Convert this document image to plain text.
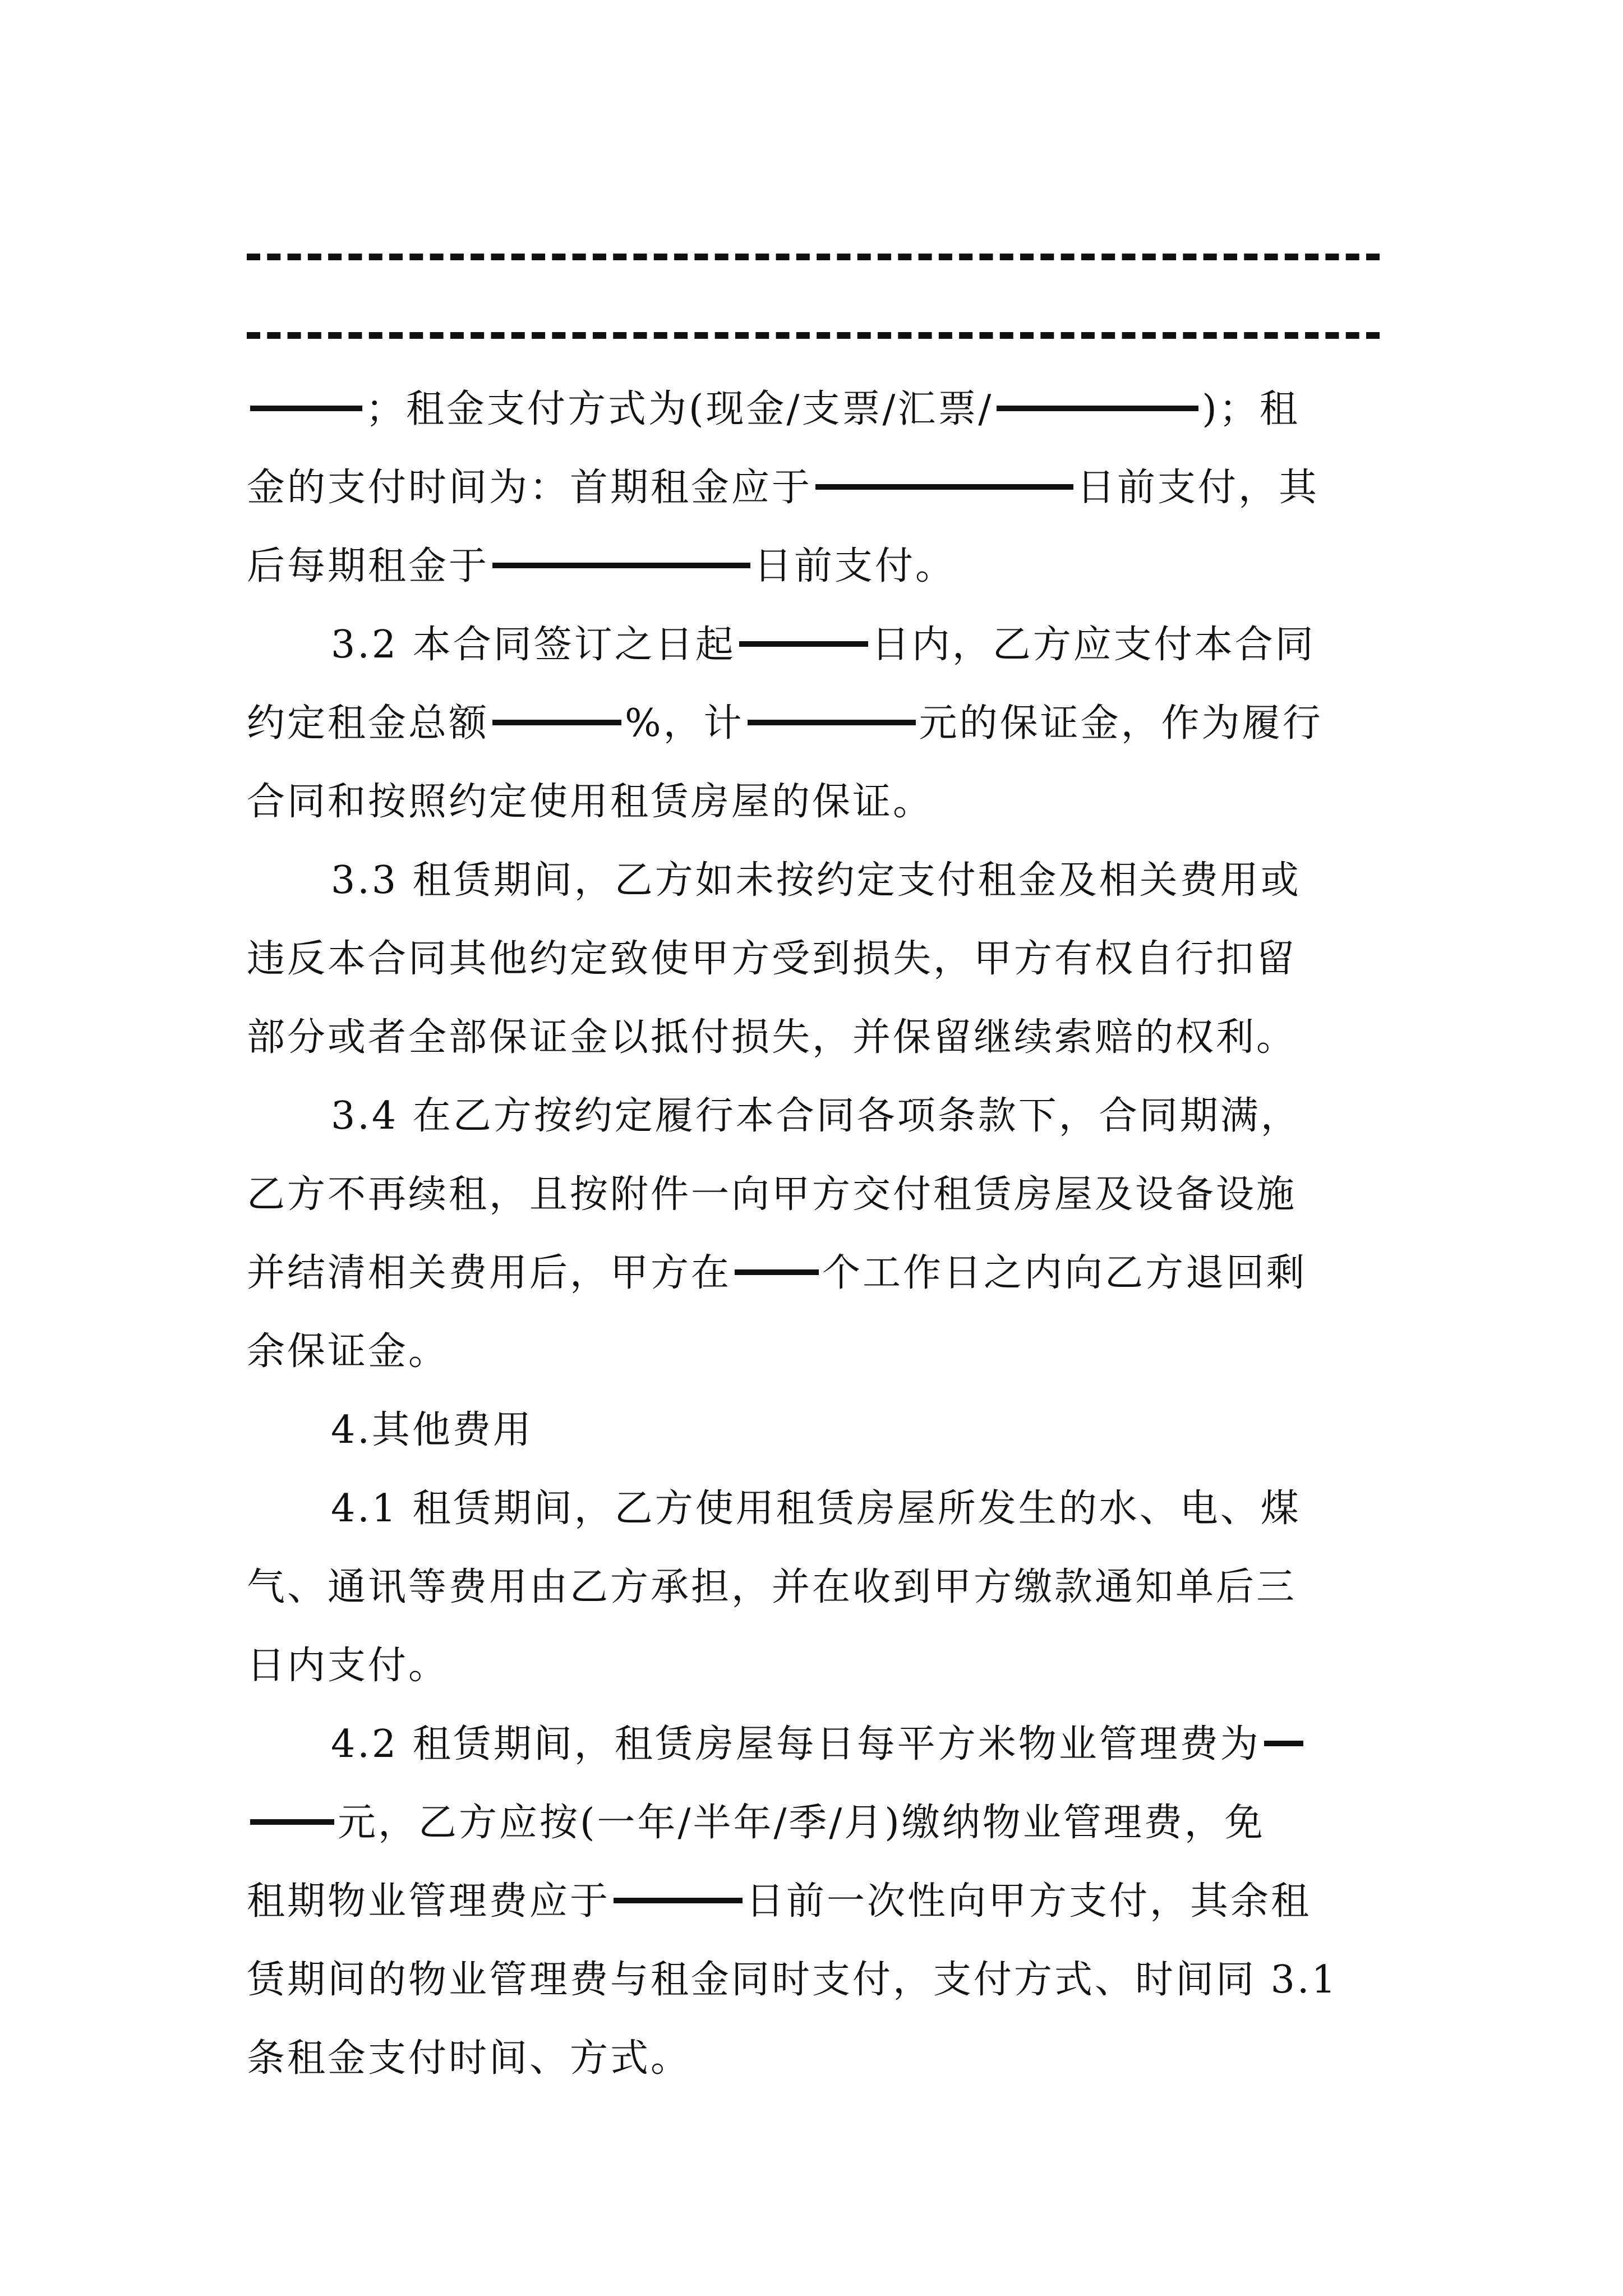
；租金支付方式为(现金/支票/汇票/	)；租
金的支付时间为：首期租金应于	日前支付，其
后每期租金于	日前支付。
3.2 本合同签订之日起	日内，乙方应支付本合同
约定租金总额	%，计	元的保证金，作为履行
合同和按照约定使用租赁房屋的保证。
3.3 租赁期间，乙方如未按约定支付租金及相关费用或
违反本合同其他约定致使甲方受到损失，甲方有权自行扣留
部分或者全部保证金以抵付损失，并保留继续索赔的权利。
3.4 在乙方按约定履行本合同各项条款下，合同期满，
乙方不再续租，且按附件一向甲方交付租赁房屋及设备设施
并结清相关费用后，甲方在 个工作日之内向乙方退回剩
余保证金。
4.其他费用
4.1 租赁期间，乙方使用租赁房屋所发生的水、电、煤
气、通讯等费用由乙方承担，并在收到甲方缴款通知单后三
日内支付。
4.2 租赁期间，租赁房屋每日每平方米物业管理费为
元，乙方应按(一年/半年/季/月)缴纳物业管理费，免
租期物业管理费应于	日前一次性向甲方支付，其余租
赁期间的物业管理费与租金同时支付，支付方式、时间同 3.1
条租金支付时间、方式。
